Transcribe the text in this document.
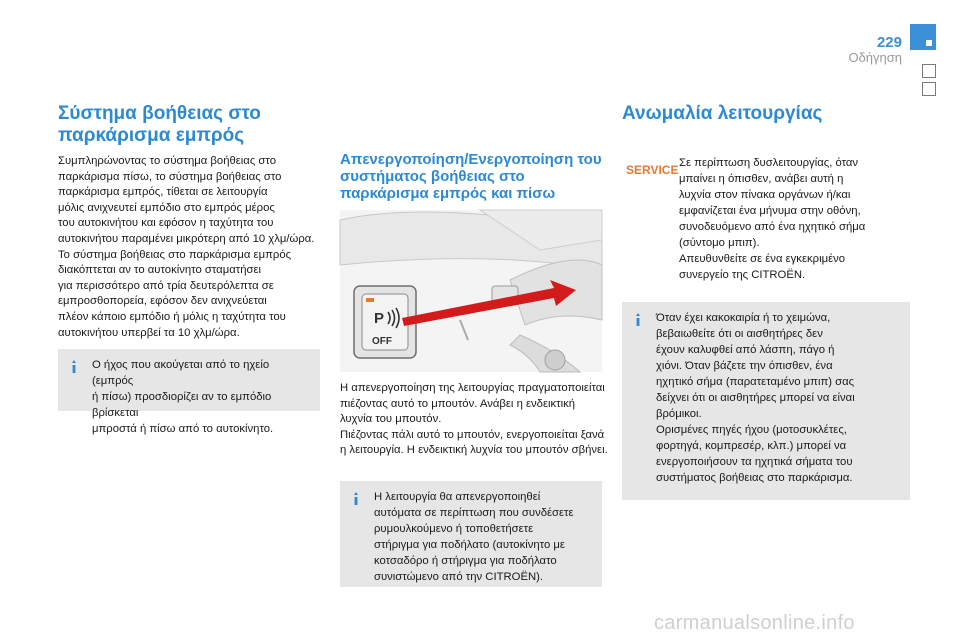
229
Οδήγηση
Σύστημα βοήθειας στο παρκάρισμα εμπρός

Συμπληρώνοντας το σύστημα βοήθειας στο
παρκάρισμα πίσω, το σύστημα βοήθειας στο
παρκάρισμα εμπρός, τίθεται σε λειτουργία
μόλις ανιχνευτεί εμπόδιο στο εμπρός μέρος
του αυτοκινήτου και εφόσον η ταχύτητα του
αυτοκινήτου παραμένει μικρότερη από 10 χλμ/ώρα.
Το σύστημα βοήθειας στο παρκάρισμα εμπρός
διακόπτεται αν το αυτοκίνητο σταματήσει
για περισσότερο από τρία δευτερόλεπτα σε
εμπροσθοπορεία, εφόσον δεν ανιχνεύεται
πλέον κάποιο εμπόδιο ή μόλις η ταχύτητα του
αυτοκινήτου υπερβεί τα 10 χλμ/ώρα.

Ο ήχος που ακούγεται από το ηχείο (εμπρός
ή πίσω) προσδιορίζει αν το εμπόδιο βρίσκεται
μπροστά ή πίσω από το αυτοκίνητο.

Απενεργοποίηση/Ενεργοποίηση του συστήματος βοήθειας στο παρκάρισμα εμπρός και πίσω
P
OFF

Η απενεργοποίηση της λειτουργίας πραγματοποιείται
πιέζοντας αυτό το μπουτόν. Ανάβει η ενδεικτική
λυχνία του μπουτόν.
Πιέζοντας πάλι αυτό το μπουτόν, ενεργοποιείται ξανά
η λειτουργία. Η ενδεικτική λυχνία του μπουτόν σβήνει.

Η λειτουργία θα απενεργοποιηθεί
αυτόματα σε περίπτωση που συνδέσετε
ρυμουλκούμενο ή τοποθετήσετε
στήριγμα για ποδήλατο (αυτοκίνητο με
κοτσαδόρο ή στήριγμα για ποδήλατο
συνιστώμενο από την CITROËN).

Ανωμαλία λειτουργίας
SERVICE Σε περίπτωση δυσλειτουργίας, όταν
μπαίνει η όπισθεν, ανάβει αυτή η
λυχνία στον πίνακα οργάνων ή/και
εμφανίζεται ένα μήνυμα στην οθόνη,
συνοδευόμενο από ένα ηχητικό σήμα
(σύντομο μπιπ).
Απευθυνθείτε σε ένα εγκεκριμένο
συνεργείο της CITROËN.

Όταν έχει κακοκαιρία ή το χειμώνα,
βεβαιωθείτε ότι οι αισθητήρες δεν
έχουν καλυφθεί από λάσπη, πάγο ή
χιόνι. Όταν βάζετε την όπισθεν, ένα
ηχητικό σήμα (παρατεταμένο μπιπ) σας
δείχνει ότι οι αισθητήρες μπορεί να είναι
βρόμικοι.
Ορισμένες πηγές ήχου (μοτοσυκλέτες,
φορτηγά, κομπρεσέρ, κλπ.) μπορεί να
ενεργοποιήσουν τα ηχητικά σήματα του
συστήματος βοήθειας στο παρκάρισμα.

carmanualsonline.info
